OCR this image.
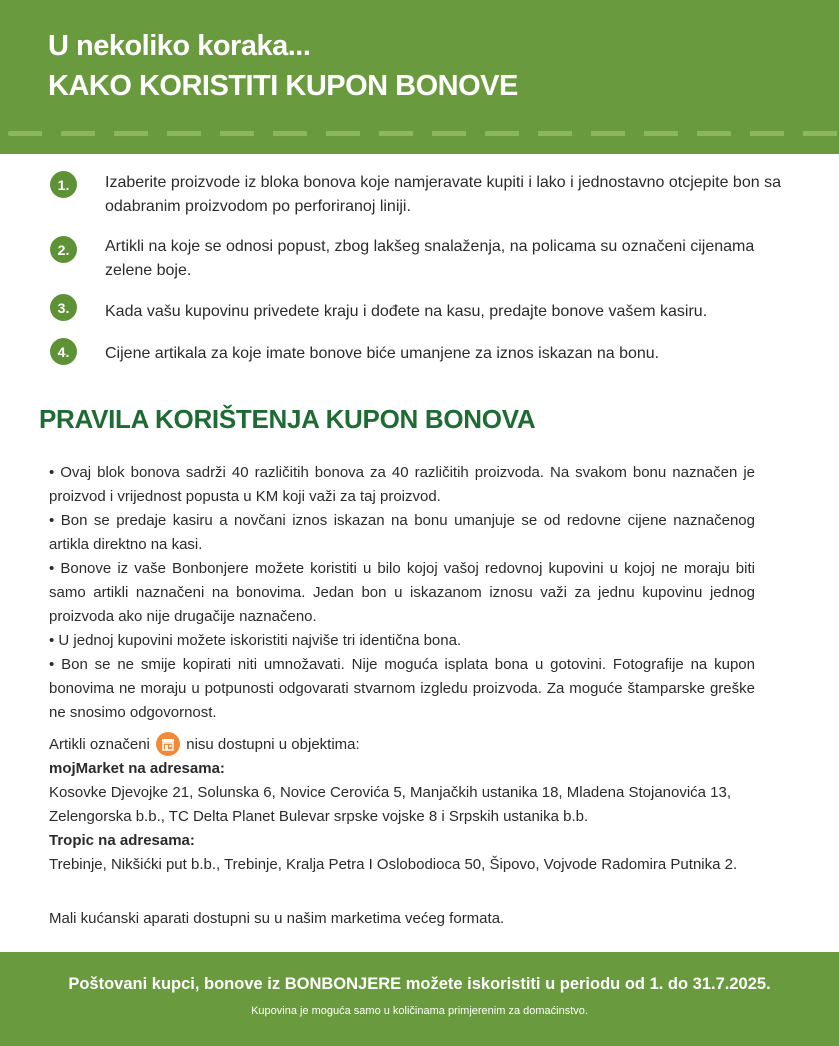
U nekoliko koraka...
KAKO KORISTITI KUPON BONOVE
1.	Izaberite proizvode iz bloka bonova koje namjeravate kupiti i lako i jednostavno otcjepite bon sa odabranim proizvodom po perforiranoj liniji.
2.	Artikli na koje se odnosi popust, zbog lakšeg snalaženja, na policama su označeni cijenama zelene boje.
3.	Kada vašu kupovinu privedete kraju i dođete na kasu, predajte bonove vašem kasiru.
4.	Cijene artikala za koje imate bonove biće umanjene za iznos iskazan na bonu.
PRAVILA KORIŠTENJA KUPON BONOVA

• Ovaj blok bonova sadrži 40 različitih bonova za 40 različitih proizvoda. Na svakom bonu naznačen je proizvod i vrijednost popusta u KM koji važi za taj proizvod.

• Bon se predaje kasiru a novčani iznos iskazan na bonu umanjuje se od redovne cijene naznačenog artikla direktno na kasi.

• Bonove iz vaše Bonbonjere možete koristiti u bilo kojoj vašoj redovnoj kupovini u kojoj ne moraju biti samo artikli naznačeni na bonovima. Jedan bon u iskazanom iznosu važi za jednu kupovinu jednog proizvoda ako nije drugačije naznačeno.

• U jednoj kupovini možete iskoristiti najviše tri identična bona.

• Bon se ne smije kopirati niti umnožavati. Nije moguća isplata bona u gotovini. Fotografije na kupon bonovima ne moraju u potpunosti odgovarati stvarnom izgledu proizvoda. Za moguće štamparske greške ne snosimo odgovornost.

Artikli označeni nisu dostupni u objektima:
mojMarket na adresama:
Kosovke Djevojke 21, Solunska 6, Novice Cerovića 5, Manjačkih ustanika 18, Mladena Stojanovića 13, Zelengorska b.b., TC Delta Planet Bulevar srpske vojske 8 i Srpskih ustanika b.b.
Tropic na adresama:
Trebinje, Nikšićki put b.b., Trebinje, Kralja Petra I Oslobodioca 50, Šipovo, Vojvode Radomira Putnika 2.
Mali kućanski aparati dostupni su u našim marketima većeg formata.
Poštovani kupci, bonove iz BONBONJERE možete iskoristiti u periodu od 1. do 31.7.2025.
Kupovina je moguća samo u količinama primjerenim za domaćinstvo.
